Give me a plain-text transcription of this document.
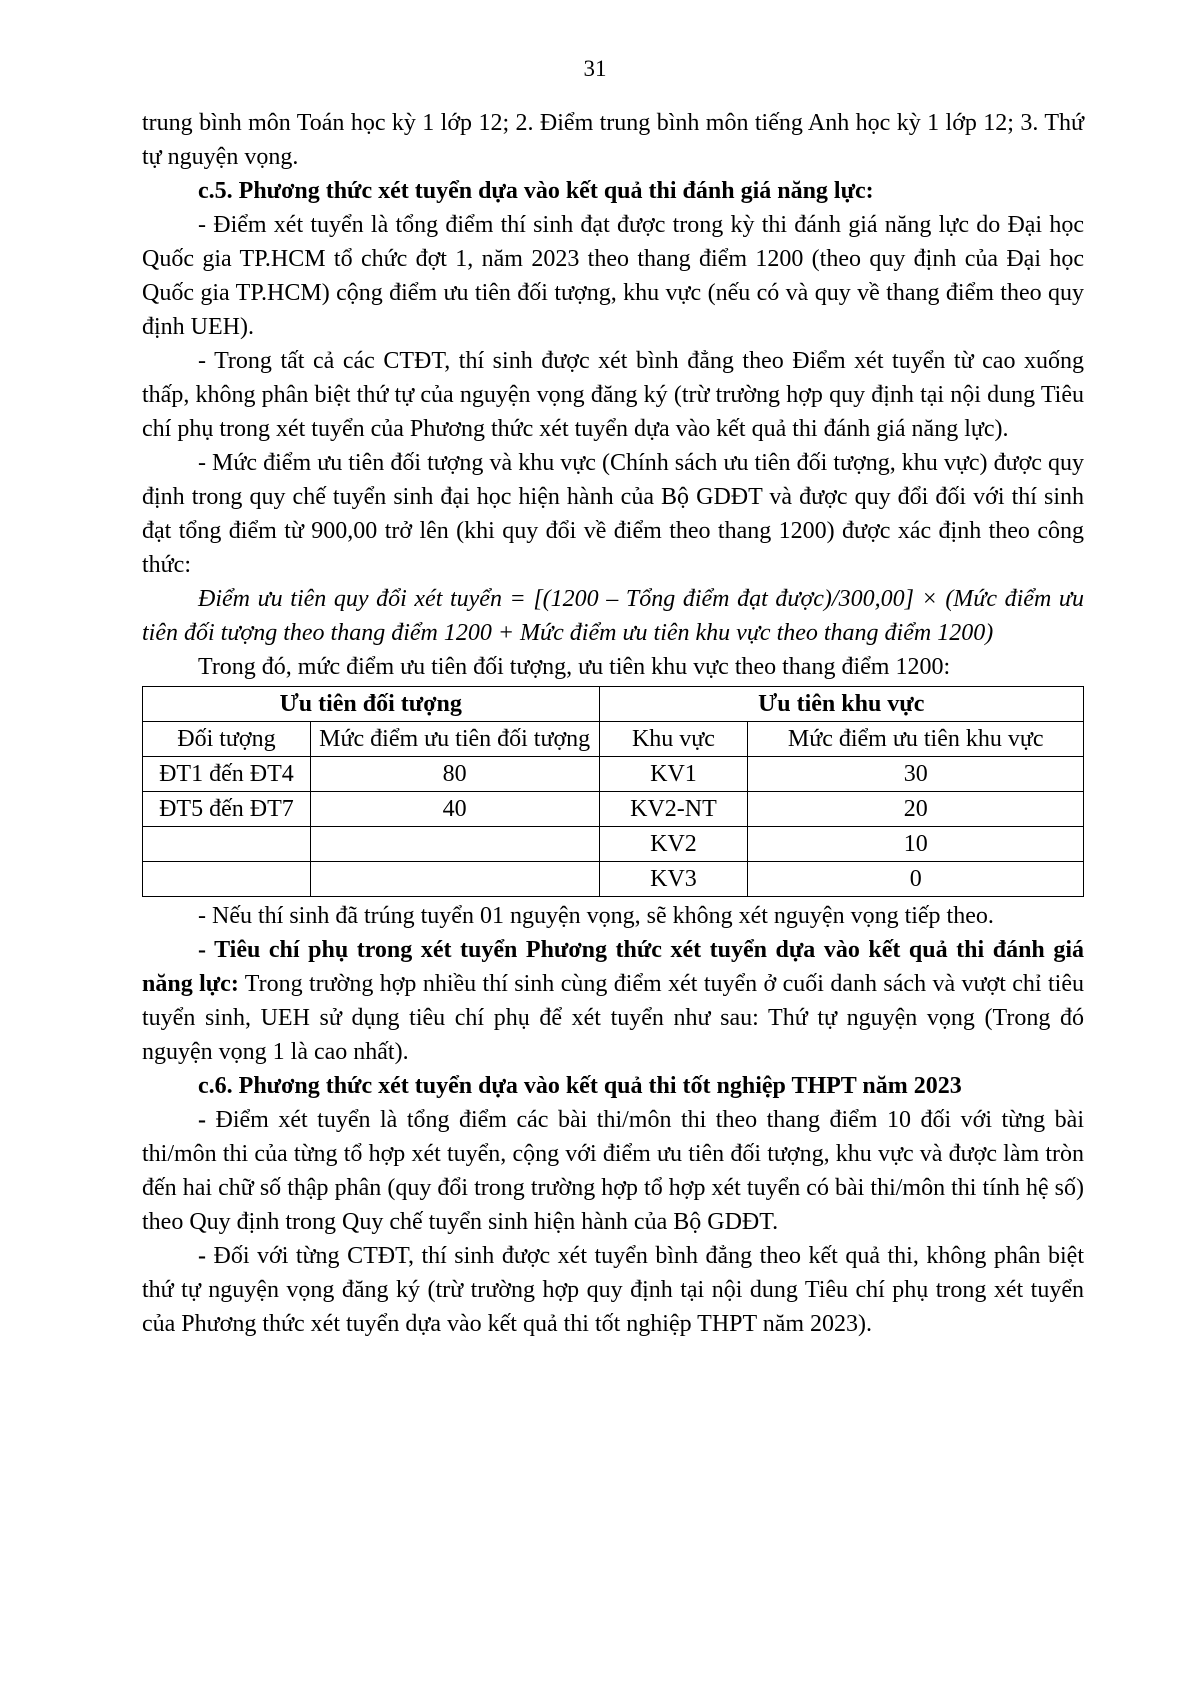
31

trung bình môn Toán học kỳ 1 lớp 12; 2. Điểm trung bình môn tiếng Anh học kỳ 1 lớp 12; 3. Thứ tự nguyện vọng.

c.5. Phương thức xét tuyển dựa vào kết quả thi đánh giá năng lực:

- Điểm xét tuyển là tổng điểm thí sinh đạt được trong kỳ thi đánh giá năng lực do Đại học Quốc gia TP.HCM tổ chức đợt 1, năm 2023 theo thang điểm 1200 (theo quy định của Đại học Quốc gia TP.HCM) cộng điểm ưu tiên đối tượng, khu vực (nếu có và quy về thang điểm theo quy định UEH).

- Trong tất cả các CTĐT, thí sinh được xét bình đẳng theo Điểm xét tuyển từ cao xuống thấp, không phân biệt thứ tự của nguyện vọng đăng ký (trừ trường hợp quy định tại nội dung Tiêu chí phụ trong xét tuyển của Phương thức xét tuyển dựa vào kết quả thi đánh giá năng lực).

- Mức điểm ưu tiên đối tượng và khu vực (Chính sách ưu tiên đối tượng, khu vực) được quy định trong quy chế tuyển sinh đại học hiện hành của Bộ GDĐT và được quy đổi đối với thí sinh đạt tổng điểm từ 900,00 trở lên (khi quy đổi về điểm theo thang 1200) được xác định theo công thức:

Điểm ưu tiên quy đổi xét tuyển = [(1200 – Tổng điểm đạt được)/300,00] × (Mức điểm ưu tiên đối tượng theo thang điểm 1200 + Mức điểm ưu tiên khu vực theo thang điểm 1200)

Trong đó, mức điểm ưu tiên đối tượng, ưu tiên khu vực theo thang điểm 1200:

Ưu tiên đối tượng		Ưu tiên khu vực	
Đối tượng	Mức điểm ưu tiên đối tượng	Khu vực	Mức điểm ưu tiên khu vực
ĐT1 đến ĐT4	80	KV1	30
ĐT5 đến ĐT7	40	KV2-NT	20
		KV2	10
		KV3	0

- Nếu thí sinh đã trúng tuyển 01 nguyện vọng, sẽ không xét nguyện vọng tiếp theo.

- Tiêu chí phụ trong xét tuyển Phương thức xét tuyển dựa vào kết quả thi đánh giá năng lực: Trong trường hợp nhiều thí sinh cùng điểm xét tuyển ở cuối danh sách và vượt chỉ tiêu tuyển sinh, UEH sử dụng tiêu chí phụ để xét tuyển như sau: Thứ tự nguyện vọng (Trong đó nguyện vọng 1 là cao nhất).

c.6. Phương thức xét tuyển dựa vào kết quả thi tốt nghiệp THPT năm 2023

- Điểm xét tuyển là tổng điểm các bài thi/môn thi theo thang điểm 10 đối với từng bài thi/môn thi của từng tổ hợp xét tuyển, cộng với điểm ưu tiên đối tượng, khu vực và được làm tròn đến hai chữ số thập phân (quy đổi trong trường hợp tổ hợp xét tuyển có bài thi/môn thi tính hệ số) theo Quy định trong Quy chế tuyển sinh hiện hành của Bộ GDĐT.

- Đối với từng CTĐT, thí sinh được xét tuyển bình đẳng theo kết quả thi, không phân biệt thứ tự nguyện vọng đăng ký (trừ trường hợp quy định tại nội dung Tiêu chí phụ trong xét tuyển của Phương thức xét tuyển dựa vào kết quả thi tốt nghiệp THPT năm 2023).
